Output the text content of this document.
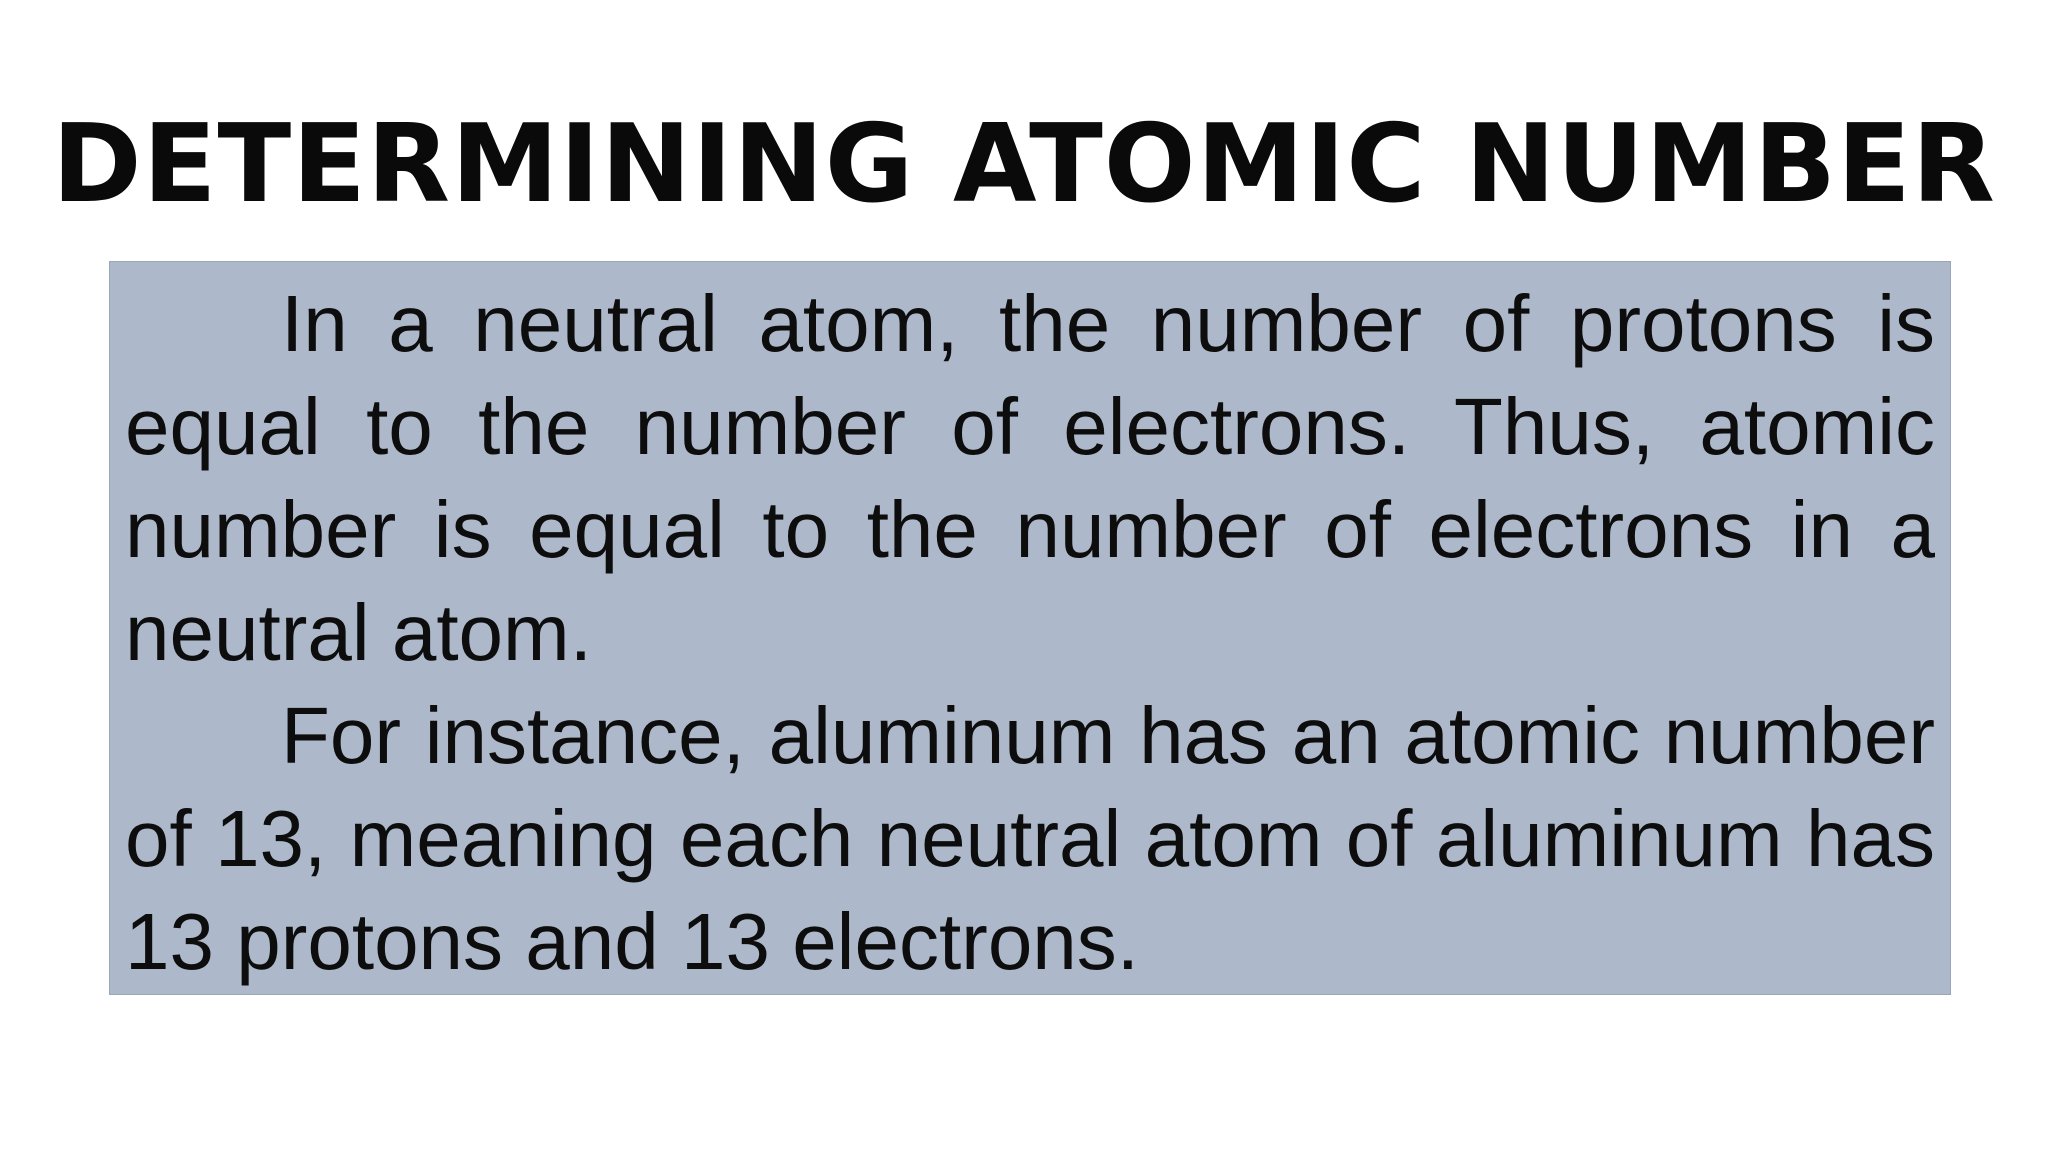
DETERMINING ATOMIC NUMBER

In a neutral atom, the number of protons is equal to the number of electrons. Thus, atomic number is equal to the number of electrons in a neutral atom.

For instance, aluminum has an atomic number of 13, meaning each neutral atom of aluminum has 13 protons and 13 electrons.
